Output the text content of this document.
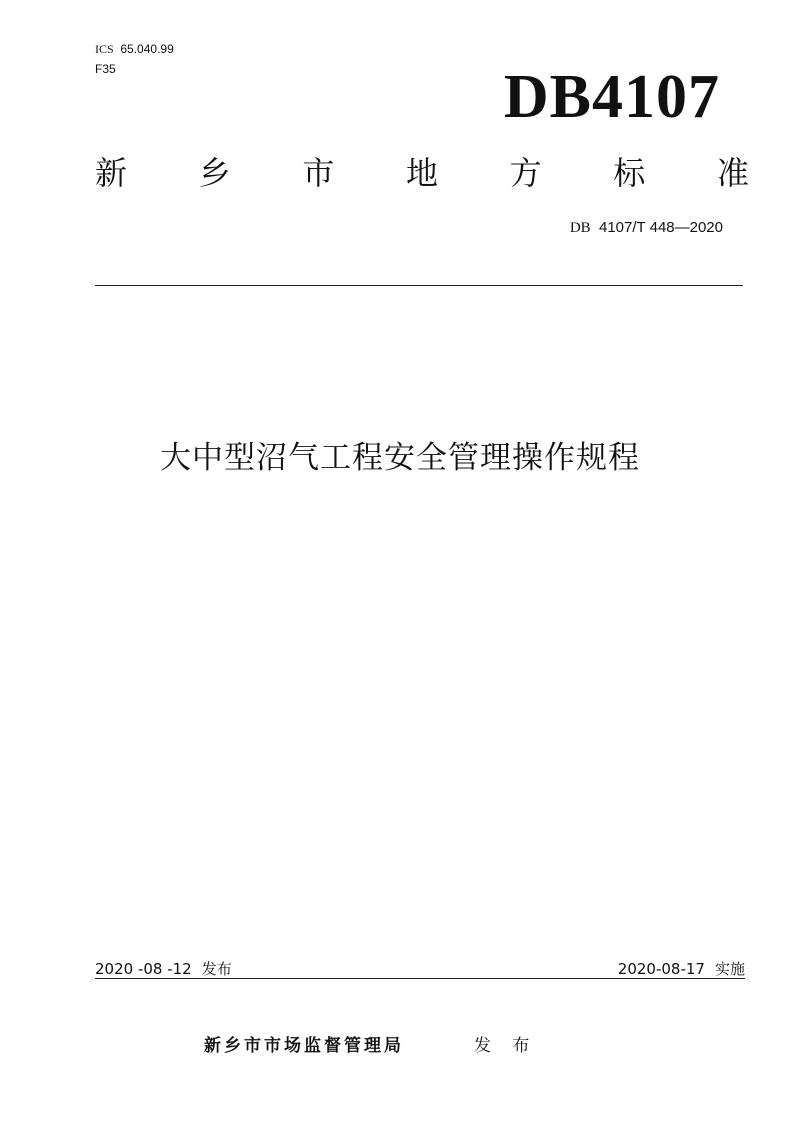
ICS 65.040.99
F35	DB4107
新 乡 市 地 方 标 准
DB 4107/T 448—2020
大中型沼气工程安全管理操作规程
2020 -08 -12 发布	2020-08-17 实施
新乡市市场监督管理局	发 布
